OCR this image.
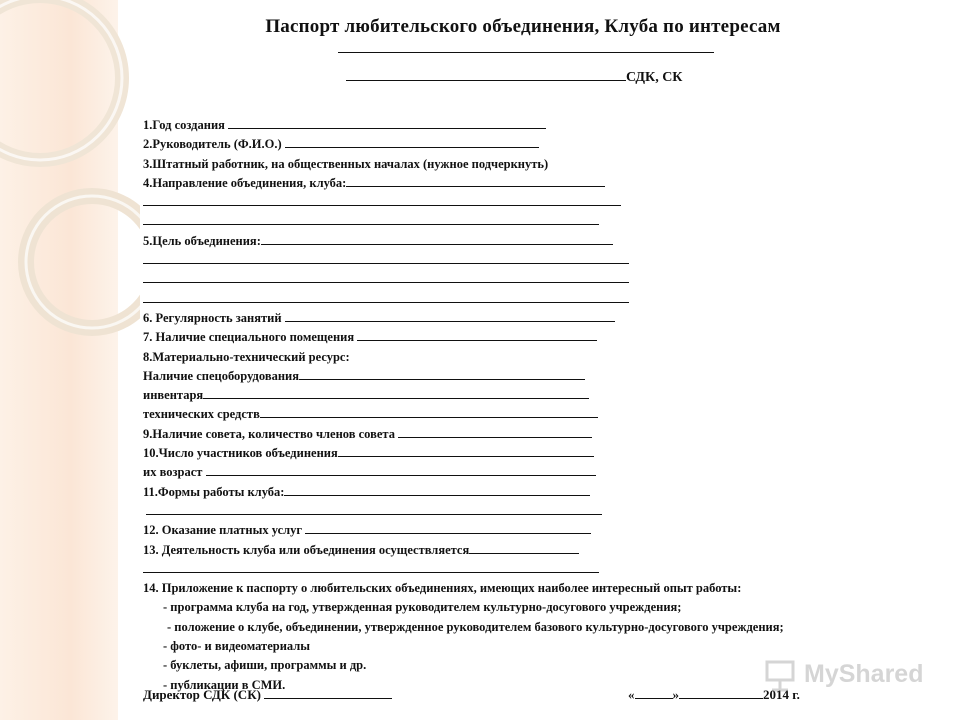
Паспорт любительского объединения, Клуба по интересам
СДК, СК
1.Год создания
2.Руководитель (Ф.И.О.)
3.Штатный работник, на общественных началах (нужное подчеркнуть)
4.Направление объединения, клуба:
5.Цель объединения:
6. Регулярность занятий
7. Наличие специального помещения
8.Материально-технический ресурс:
Наличие спецоборудования
инвентаря
технических средств
9.Наличие совета, количество членов совета
10.Число участников объединения
их возраст
11.Формы работы клуба:

12. Оказание платных услуг
13. Деятельность клуба или объединения осуществляется
14. Приложение к паспорту о любительских объединениях, имеющих наиболее интересный опыт работы:
- программа клуба на год, утвержденная руководителем культурно-досугового учреждения;
- положение о клубе, объединении, утвержденное руководителем базового культурно-досугового учреждения;
- фото- и видеоматериалы
- буклеты, афиши, программы и др.
- публикации в СМИ.
Директор СДК (СК)	«	»	2014 г.
MyShared
